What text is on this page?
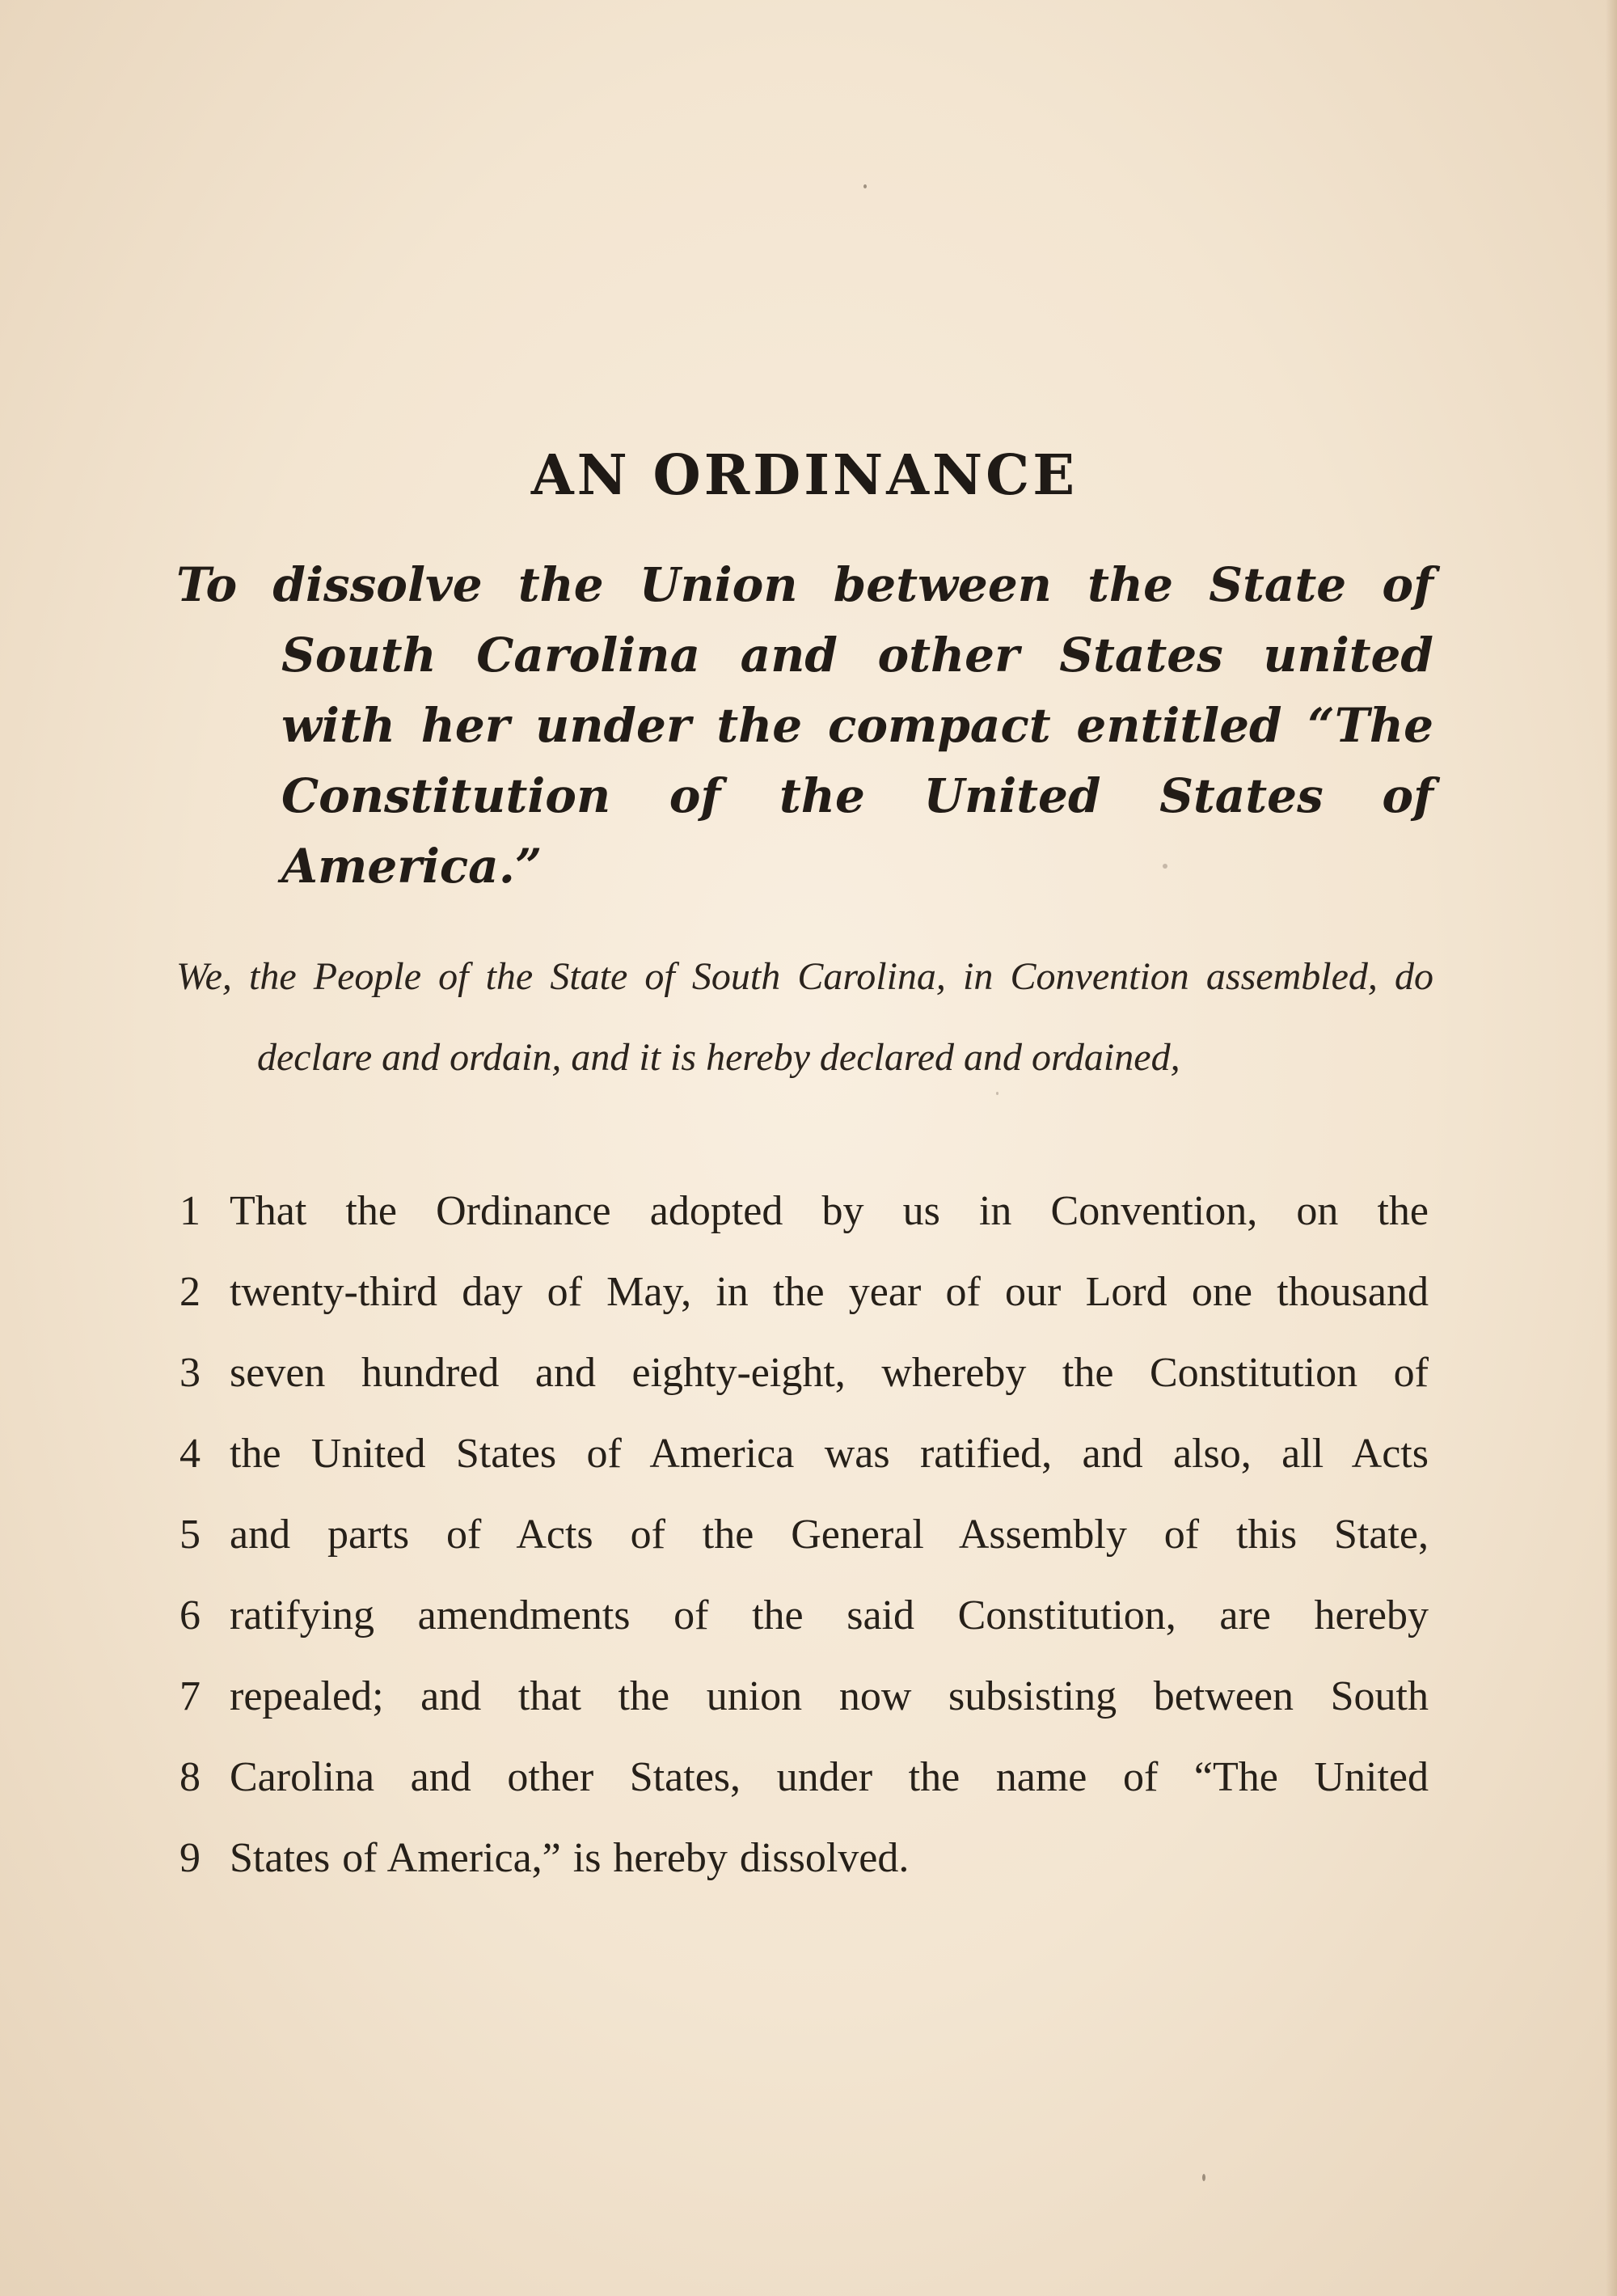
AN ORDINANCE

To dissolve the Union between the State of South Carolina and other States united with her under the compact entitled “The Constitution of the United States of America.”

We, the People of the State of South Carolina, in Convention assembled, do declare and ordain, and it is hereby declared and ordained,

1 That the Ordinance adopted by us in Convention, on the
2 twenty-third day of May, in the year of our Lord one thousand
3 seven hundred and eighty-eight, whereby the Constitution of
4 the United States of America was ratified, and also, all Acts
5 and parts of Acts of the General Assembly of this State,
6 ratifying amendments of the said Constitution, are hereby
7 repealed; and that the union now subsisting between South
8 Carolina and other States, under the name of “The United
9 States of America,” is hereby dissolved.
